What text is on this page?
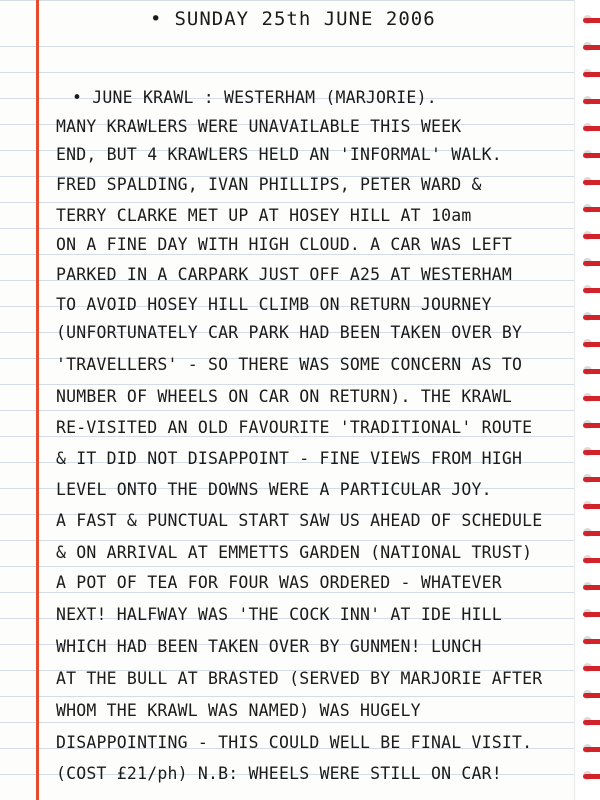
• SUNDAY 25th JUNE 2006
• JUNE KRAWL : WESTERHAM (MARJORIE).
MANY KRAWLERS WERE UNAVAILABLE THIS WEEK
END, BUT 4 KRAWLERS HELD AN 'INFORMAL' WALK.
FRED SPALDING, IVAN PHILLIPS, PETER WARD &
TERRY CLARKE MET UP AT HOSEY HILL AT 10am
ON A FINE DAY WITH HIGH CLOUD. A CAR WAS LEFT
PARKED IN A CARPARK JUST OFF A25 AT WESTERHAM
TO AVOID HOSEY HILL CLIMB ON RETURN JOURNEY
(UNFORTUNATELY CAR PARK HAD BEEN TAKEN OVER BY
'TRAVELLERS' - SO THERE WAS SOME CONCERN AS TO
NUMBER OF WHEELS ON CAR ON RETURN). THE KRAWL
RE-VISITED AN OLD FAVOURITE 'TRADITIONAL' ROUTE
& IT DID NOT DISAPPOINT - FINE VIEWS FROM HIGH
LEVEL ONTO THE DOWNS WERE A PARTICULAR JOY.
A FAST & PUNCTUAL START SAW US AHEAD OF SCHEDULE
& ON ARRIVAL AT EMMETTS GARDEN (NATIONAL TRUST)
A POT OF TEA FOR FOUR WAS ORDERED - WHATEVER
NEXT! HALFWAY WAS 'THE COCK INN' AT IDE HILL
WHICH HAD BEEN TAKEN OVER BY GUNMEN! LUNCH
AT THE BULL AT BRASTED (SERVED BY MARJORIE AFTER
WHOM THE KRAWL WAS NAMED) WAS HUGELY
DISAPPOINTING - THIS COULD WELL BE FINAL VISIT.
(COST £21/ph) N.B: WHEELS WERE STILL ON CAR!
